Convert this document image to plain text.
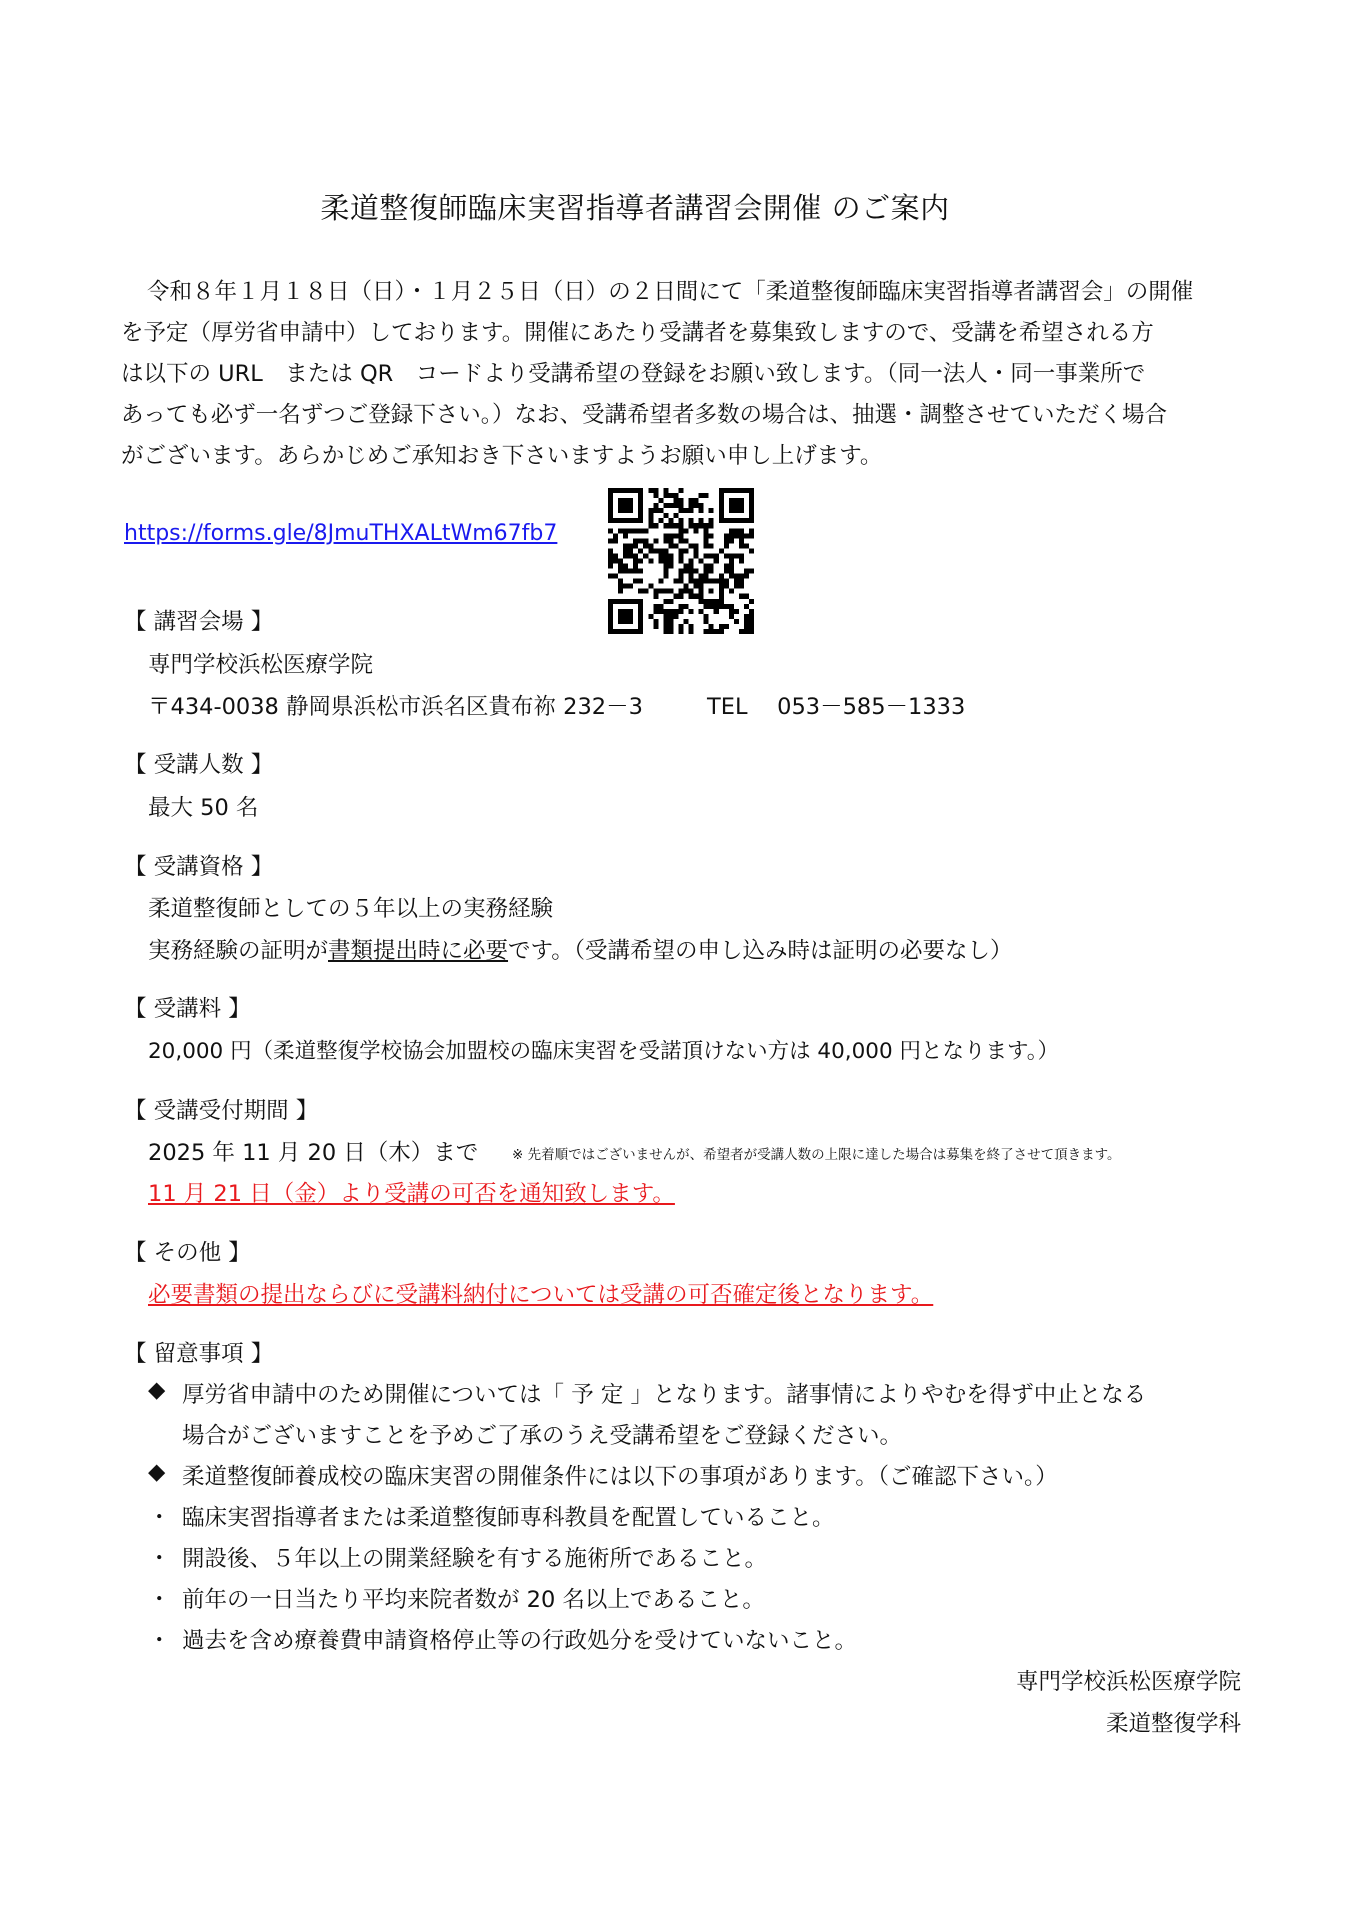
柔道整復師臨床実習指導者講習会開催 のご案内

令和８年１月１８日（日）・１月２５日（日）の２日間にて「柔道整復師臨床実習指導者講習会」の開催

を予定（厚労省申請中）しております。開催にあたり受講者を募集致しますので、受講を希望される方

は以下の URL　または QR　コードより受講希望の登録をお願い致します。（同一法人・同一事業所で

あっても必ず一名ずつご登録下さい。）なお、受講希望者多数の場合は、抽選・調整させていただく場合

がございます。あらかじめご承知おき下さいますようお願い申し上げます。

https://forms.gle/8JmuTHXALtWm67fb7
【 講習会場 】
専門学校浜松医療学院
〒434-0038 静岡県浜松市浜名区貴布祢 232－3	TEL　 053－585－1333
【 受講人数 】
最大 50 名
【 受講資格 】
柔道整復師としての５年以上の実務経験
実務経験の証明が書類提出時に必要です。（受講希望の申し込み時は証明の必要なし）
【 受講料 】
20,000 円（柔道整復学校協会加盟校の臨床実習を受諾頂けない方は 40,000 円となります。）
【 受講受付期間 】
2025 年 11 月 20 日（木）まで ※ 先着順ではございませんが、希望者が受講人数の上限に達した場合は募集を終了させて頂きます。
11 月 21 日（金）より受講の可否を通知致します。
【 その他 】
必要書類の提出ならびに受講料納付については受講の可否確定後となります。
【 留意事項 】
◆ 厚労省申請中のため開催については「 予 定 」となります。諸事情によりやむを得ず中止となる
場合がございますことを予めご了承のうえ受講希望をご登録ください。
◆ 柔道整復師養成校の臨床実習の開催条件には以下の事項があります。（ご確認下さい。）
・ 臨床実習指導者または柔道整復師専科教員を配置していること。
・ 開設後、５年以上の開業経験を有する施術所であること。
・ 前年の一日当たり平均来院者数が 20 名以上であること。
・ 過去を含め療養費申請資格停止等の行政処分を受けていないこと。
専門学校浜松医療学院
柔道整復学科
